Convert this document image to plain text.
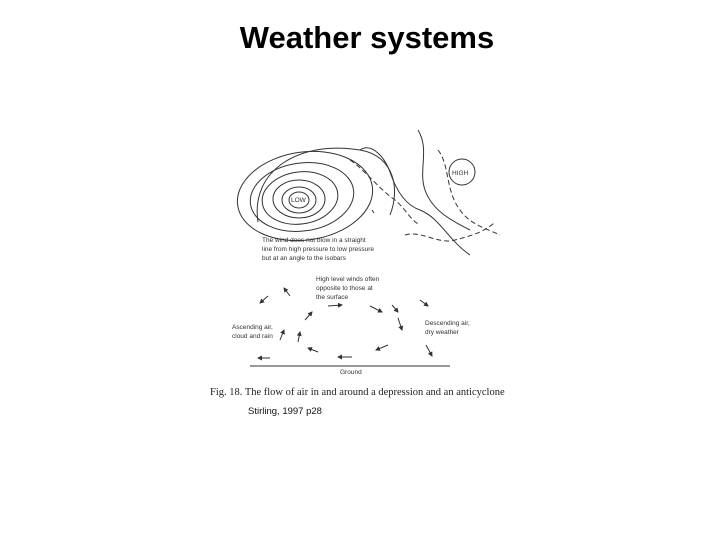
Weather systems
LOW
HIGH
The wind does not blow in a straight
line from high pressure to low pressure
but at an angle to the isobars
High level winds often
opposite to those at
the surface
Ascending air,
cloud and rain
Descending air,
dry weather
Ground
Fig. 18. The flow of air in and around a depression and an anticyclone
Stirling, 1997 p28
